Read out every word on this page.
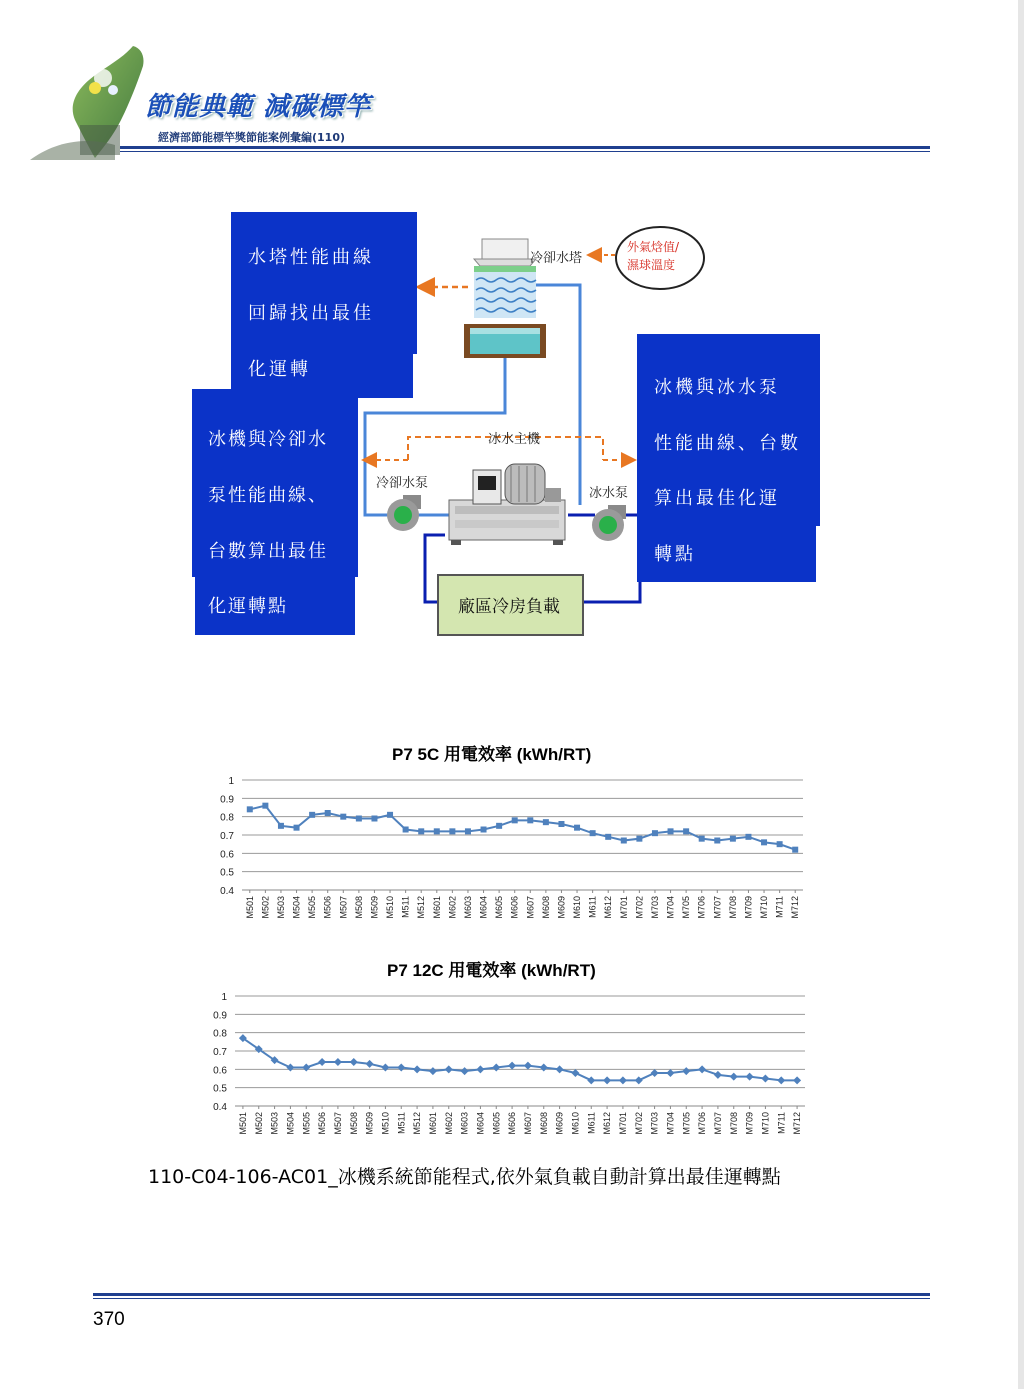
節能典範 減碳標竿
經濟部節能標竿獎節能案例彙編(110)
外氣焓值/
濕球溫度
冷卻水塔
冰水主機
冷卻水泵
冰水泵
廠區冷房負載
水塔性能曲線
回歸找出最佳
化運轉
冰機與冷卻水
泵性能曲線、
台數算出最佳
化運轉點
冰機與冰水泵
性能曲線、台數
算出最佳化運
轉點
P7 5C 用電效率 (kWh/RT)
0.4
0.5
0.6
0.7
0.8
0.9
1
M501 M502 M503 M504 M505 M506 M507 M508 M509 M510 M511 M512 M601 M602 M603 M604 M605 M606 M607 M608 M609 M610 M611 M612 M701 M702 M703 M704 M705 M706 M707 M708 M709 M710 M711 M712
P7 12C 用電效率 (kWh/RT)
0.4
0.5
0.6
0.7
0.8
0.9
1
M501 M502 M503 M504 M505 M506 M507 M508 M509 M510 M511 M512 M601 M602 M603 M604 M605 M606 M607 M608 M609 M610 M611 M612 M701 M702 M703 M704 M705 M706 M707 M708 M709 M710 M711 M712
110-C04-106-AC01_冰機系統節能程式,依外氣負載自動計算出最佳運轉點
370
